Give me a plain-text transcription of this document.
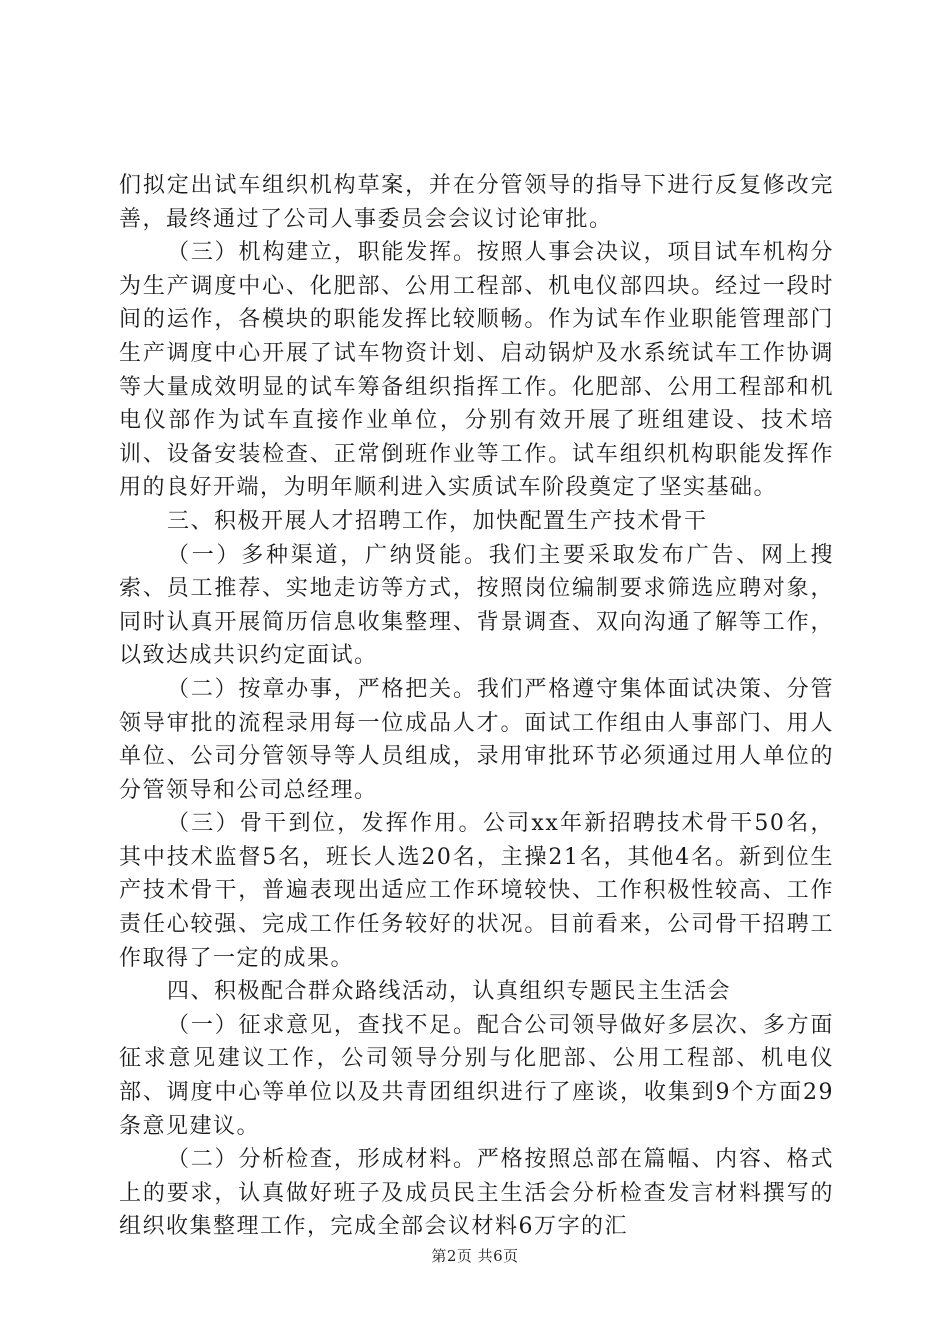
们拟定出试车组织机构草案，并在分管领导的指导下进行反复修改完善，最终通过了公司人事委员会会议讨论审批。

（三）机构建立，职能发挥。按照人事会决议，项目试车机构分为生产调度中心、化肥部、公用工程部、机电仪部四块。经过一段时间的运作，各模块的职能发挥比较顺畅。作为试车作业职能管理部门生产调度中心开展了试车物资计划、启动锅炉及水系统试车工作协调等大量成效明显的试车筹备组织指挥工作。化肥部、公用工程部和机电仪部作为试车直接作业单位，分别有效开展了班组建设、技术培训、设备安装检查、正常倒班作业等工作。试车组织机构职能发挥作用的良好开端，为明年顺利进入实质试车阶段奠定了坚实基础。

三、积极开展人才招聘工作，加快配置生产技术骨干

（一）多种渠道，广纳贤能。我们主要采取发布广告、网上搜索、员工推荐、实地走访等方式，按照岗位编制要求筛选应聘对象，同时认真开展简历信息收集整理、背景调查、双向沟通了解等工作，以致达成共识约定面试。

（二）按章办事，严格把关。我们严格遵守集体面试决策、分管领导审批的流程录用每一位成品人才。面试工作组由人事部门、用人单位、公司分管领导等人员组成，录用审批环节必须通过用人单位的分管领导和公司总经理。

（三）骨干到位，发挥作用。公司xx年新招聘技术骨干50名，其中技术监督5名，班长人选20名，主操21名，其他4名。新到位生产技术骨干，普遍表现出适应工作环境较快、工作积极性较高、工作责任心较强、完成工作任务较好的状况。目前看来，公司骨干招聘工作取得了一定的成果。

四、积极配合群众路线活动，认真组织专题民主生活会

（一）征求意见，查找不足。配合公司领导做好多层次、多方面征求意见建议工作，公司领导分别与化肥部、公用工程部、机电仪部、调度中心等单位以及共青团组织进行了座谈，收集到9个方面29条意见建议。

（二）分析检查，形成材料。严格按照总部在篇幅、内容、格式上的要求，认真做好班子及成员民主生活会分析检查发言材料撰写的组织收集整理工作，完成全部会议材料6万字的汇

第2页 共6页
